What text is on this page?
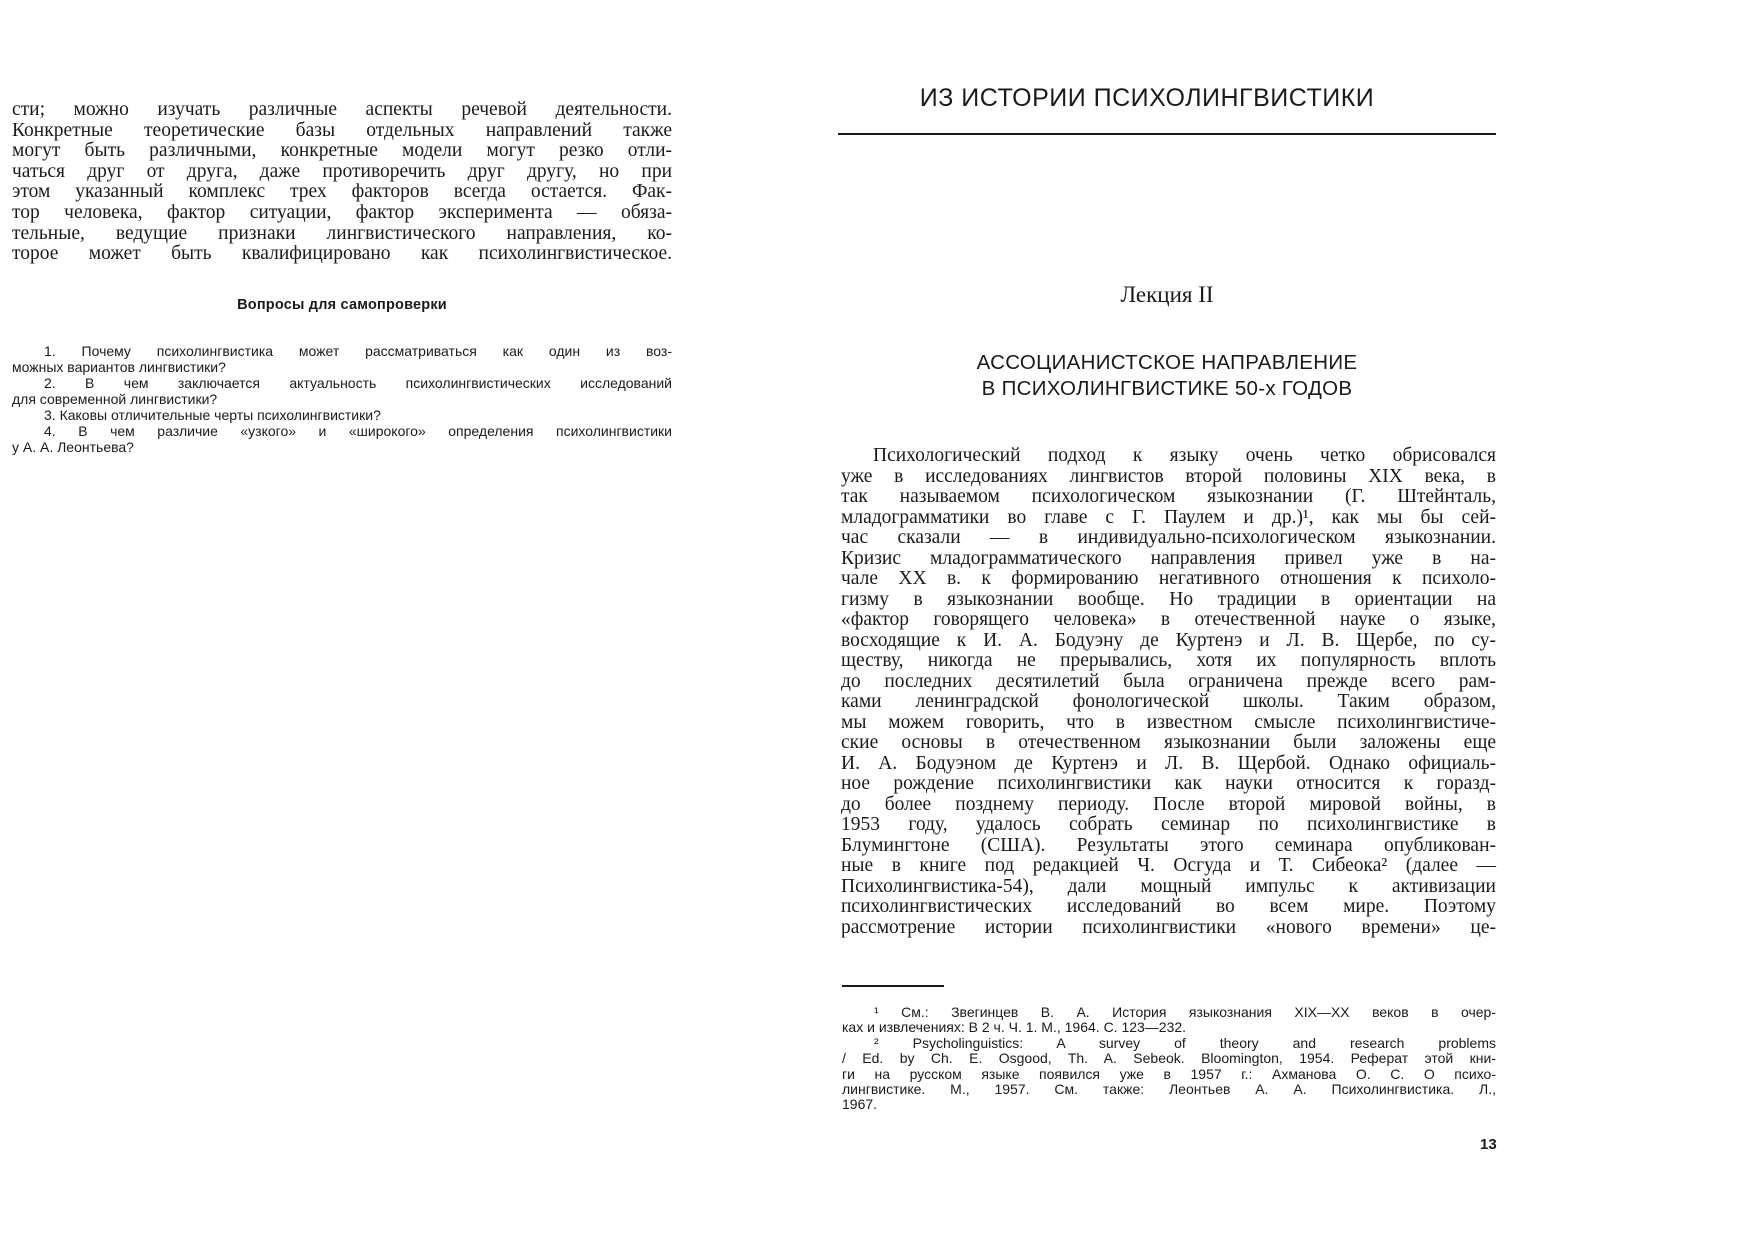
сти; можно изучать различные аспекты речевой деятельности.
Конкретные теоретические базы отдельных направлений также
могут быть различными, конкретные модели могут резко отли-
чаться друг от друга, даже противоречить друг другу, но при
этом указанный комплекс трех факторов всегда остается. Фак-
тор человека, фактор ситуации, фактор эксперимента — обяза-
тельные, ведущие признаки лингвистического направления, ко-
торое может быть квалифицировано как психолингвистическое.
Вопросы для самопроверки
1. Почему психолингвистика может рассматриваться как один из воз-
можных вариантов лингвистики?
2. В чем заключается актуальность психолингвистических исследований
для современной лингвистики?
3. Каковы отличительные черты психолингвистики?
4. В чем различие «узкого» и «широкого» определения психолингвистики
у А. А. Леонтьева?
ИЗ ИСТОРИИ ПСИХОЛИНГВИСТИКИ
Лекция II
АССОЦИАНИСТСКОЕ НАПРАВЛЕНИЕ
В ПСИХОЛИНГВИСТИКЕ 50-х ГОДОВ
Психологический подход к языку очень четко обрисовался
уже в исследованиях лингвистов второй половины XIX века, в
так называемом психологическом языкознании (Г. Штейнталь,
младограмматики во главе с Г. Паулем и др.)¹, как мы бы сей-
час сказали — в индивидуально-психологическом языкознании.
Кризис младограмматического направления привел уже в на-
чале XX в. к формированию негативного отношения к психоло-
гизму в языкознании вообще. Но традиции в ориентации на
«фактор говорящего человека» в отечественной науке о языке,
восходящие к И. А. Бодуэну де Куртенэ и Л. В. Щербе, по су-
ществу, никогда не прерывались, хотя их популярность вплоть
до последних десятилетий была ограничена прежде всего рам-
ками ленинградской фонологической школы. Таким образом,
мы можем говорить, что в известном смысле психолингвистиче-
ские основы в отечественном языкознании были заложены еще
И. А. Бодуэном де Куртенэ и Л. В. Щербой. Однако официаль-
ное рождение психолингвистики как науки относится к горазд-
до более позднему периоду. После второй мировой войны, в
1953 году, удалось собрать семинар по психолингвистике в
Блумингтоне (США). Результаты этого семинара опубликован-
ные в книге под редакцией Ч. Осгуда и Т. Сибеока² (далее —
Психолингвистика-54), дали мощный импульс к активизации
психолингвистических исследований во всем мире. Поэтому
рассмотрение истории психолингвистики «нового времени» це-
¹ См.: Звегинцев В. А. История языкознания XIX—XX веков в очер-
ках и извлечениях: В 2 ч. Ч. 1. М., 1964. С. 123—232.
² Psycholinguistics: A survey of theory and research problems
/ Ed. by Ch. E. Osgood, Th. A. Sebeok. Bloomington, 1954. Реферат этой кни-
ги на русском языке появился уже в 1957 г.: Ахманова О. С. О психо-
лингвистике. М., 1957. См. также: Леонтьев А. А. Психолингвистика. Л.,
1967.
13
